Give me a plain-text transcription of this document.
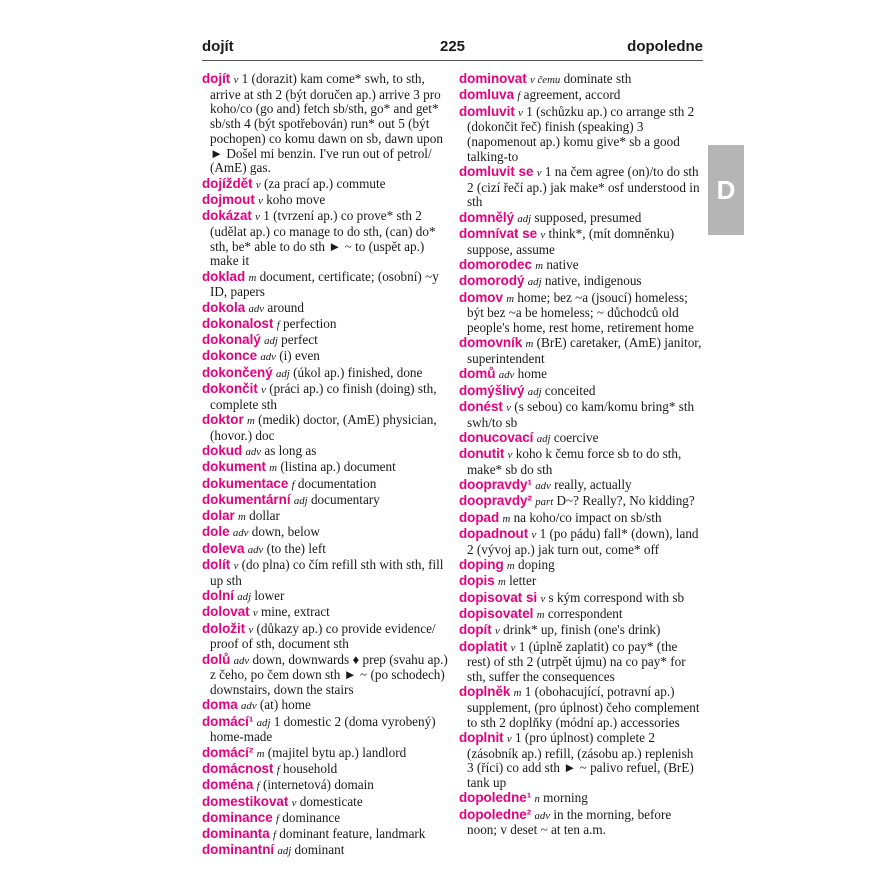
dojít	225	dopoledne
D
dojít v 1 (dorazit) kam come* swh, to sth, arrive at sth 2 (být doručen ap.) arrive 3 pro koho/co (go and) fetch sb/sth, go* and get* sb/sth 4 (být spotřebován) run* out 5 (být pochopen) co komu dawn on sb, dawn upon ► Došel mi benzin. I've run out of petrol/ (AmE) gas.
dojíždět v (za prací ap.) commute
dojmout v koho move
dokázat v 1 (tvrzení ap.) co prove* sth 2 (udělat ap.) co manage to do sth, (can) do* sth, be* able to do sth ► ~ to (uspět ap.) make it
doklad m document, certificate; (osobní) ~y ID, papers
dokola adv around
dokonalost f perfection
dokonalý adj perfect
dokonce adv (i) even
dokončený adj (úkol ap.) finished, done
dokončit v (práci ap.) co finish (doing) sth, complete sth
doktor m (medik) doctor, (AmE) physician, (hovor.) doc
dokud adv as long as
dokument m (listina ap.) document
dokumentace f documentation
dokumentární adj documentary
dolar m dollar
dole adv down, below
doleva adv (to the) left
dolít v (do plna) co čím refill sth with sth, fill up sth
dolní adj lower
dolovat v mine, extract
doložit v (důkazy ap.) co provide evidence/ proof of sth, document sth
dolů adv down, downwards ♦ prep (svahu ap.) z čeho, po čem down sth ► ~ (po schodech) downstairs, down the stairs
doma adv (at) home
domácí¹ adj 1 domestic 2 (doma vyrobený) home-made
domácí² m (majitel bytu ap.) landlord
domácnost f household
doména f (internetová) domain
domestikovat v domesticate
dominance f dominance
dominanta f dominant feature, landmark
dominantní adj dominant
dominovat v čemu dominate sth
domluva f agreement, accord
domluvit v 1 (schůzku ap.) co arrange sth 2 (dokončit řeč) finish (speaking) 3 (napomenout ap.) komu give* sb a good talking-to
domluvit se v 1 na čem agree (on)/to do sth 2 (cizí řečí ap.) jak make* osf understood in sth
domnělý adj supposed, presumed
domnívat se v think*, (mít domněnku) suppose, assume
domorodec m native
domorodý adj native, indigenous
domov m home; bez ~a (jsoucí) homeless; být bez ~a be homeless; ~ důchodců old people's home, rest home, retirement home
domovník m (BrE) caretaker, (AmE) janitor, superintendent
domů adv home
domýšlivý adj conceited
donést v (s sebou) co kam/komu bring* sth swh/to sb
donucovací adj coercive
donutit v koho k čemu force sb to do sth, make* sb do sth
doopravdy¹ adv really, actually
doopravdy² part D~? Really?, No kidding?
dopad m na koho/co impact on sb/sth
dopadnout v 1 (po pádu) fall* (down), land 2 (vývoj ap.) jak turn out, come* off
doping m doping
dopis m letter
dopisovat si v s kým correspond with sb
dopisovatel m correspondent
dopít v drink* up, finish (one's drink)
doplatit v 1 (úplně zaplatit) co pay* (the rest) of sth 2 (utrpět újmu) na co pay* for sth, suffer the consequences
doplněk m 1 (obohacující, potravní ap.) supplement, (pro úplnost) čeho complement to sth 2 doplňky (módní ap.) accessories
doplnit v 1 (pro úplnost) complete 2 (zásobník ap.) refill, (zásobu ap.) replenish 3 (říci) co add sth ► ~ palivo refuel, (BrE) tank up
dopoledne¹ n morning
dopoledne² adv in the morning, before noon; v deset ~ at ten a.m.
